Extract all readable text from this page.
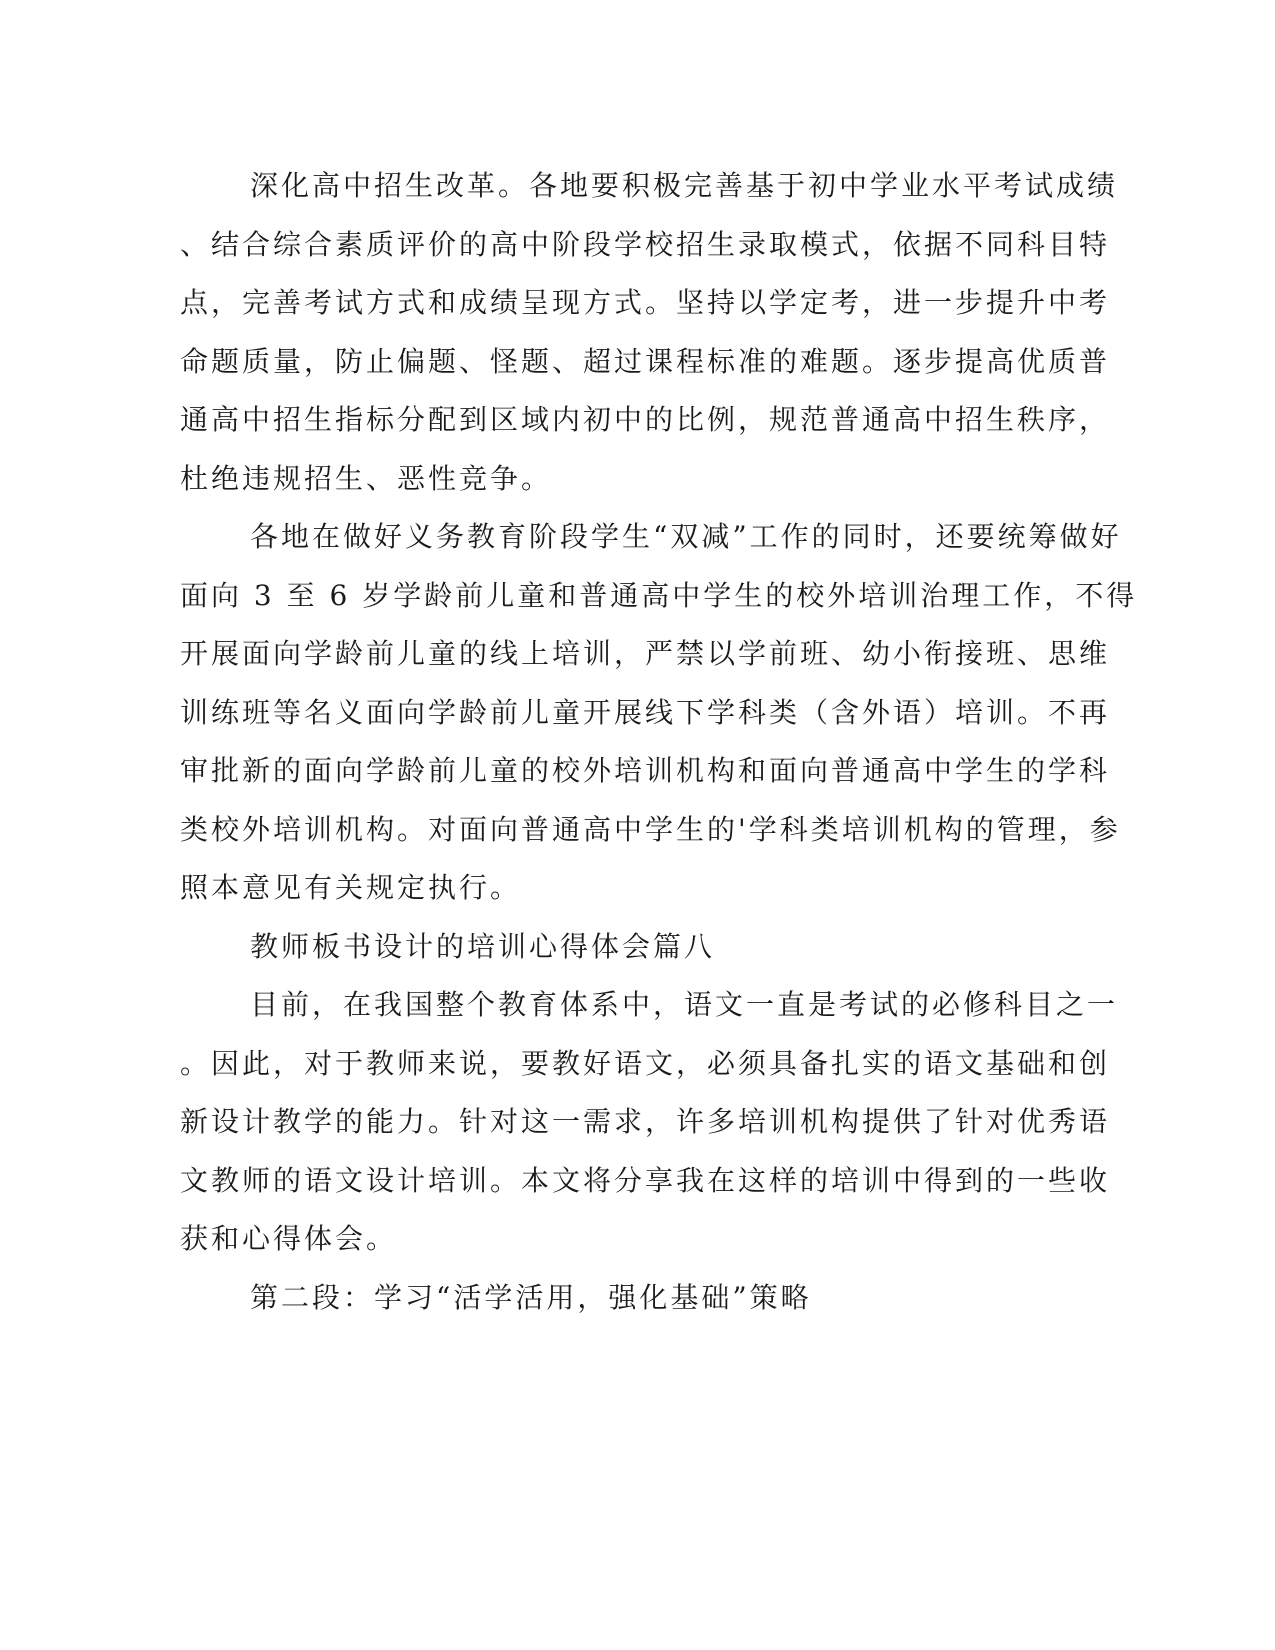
深化高中招生改革。各地要积极完善基于初中学业水平考试成绩
、结合综合素质评价的高中阶段学校招生录取模式，依据不同科目特
点，完善考试方式和成绩呈现方式。坚持以学定考，进一步提升中考
命题质量，防止偏题、怪题、超过课程标准的难题。逐步提高优质普
通高中招生指标分配到区域内初中的比例，规范普通高中招生秩序，
杜绝违规招生、恶性竞争。
各地在做好义务教育阶段学生“双减”工作的同时，还要统筹做好
面向 3 至 6 岁学龄前儿童和普通高中学生的校外培训治理工作，不得
开展面向学龄前儿童的线上培训，严禁以学前班、幼小衔接班、思维
训练班等名义面向学龄前儿童开展线下学科类（含外语）培训。不再
审批新的面向学龄前儿童的校外培训机构和面向普通高中学生的学科
类校外培训机构。对面向普通高中学生的'学科类培训机构的管理，参
照本意见有关规定执行。
教师板书设计的培训心得体会篇八
目前，在我国整个教育体系中，语文一直是考试的必修科目之一
。因此，对于教师来说，要教好语文，必须具备扎实的语文基础和创
新设计教学的能力。针对这一需求，许多培训机构提供了针对优秀语
文教师的语文设计培训。本文将分享我在这样的培训中得到的一些收
获和心得体会。
第二段：学习“活学活用，强化基础”策略
